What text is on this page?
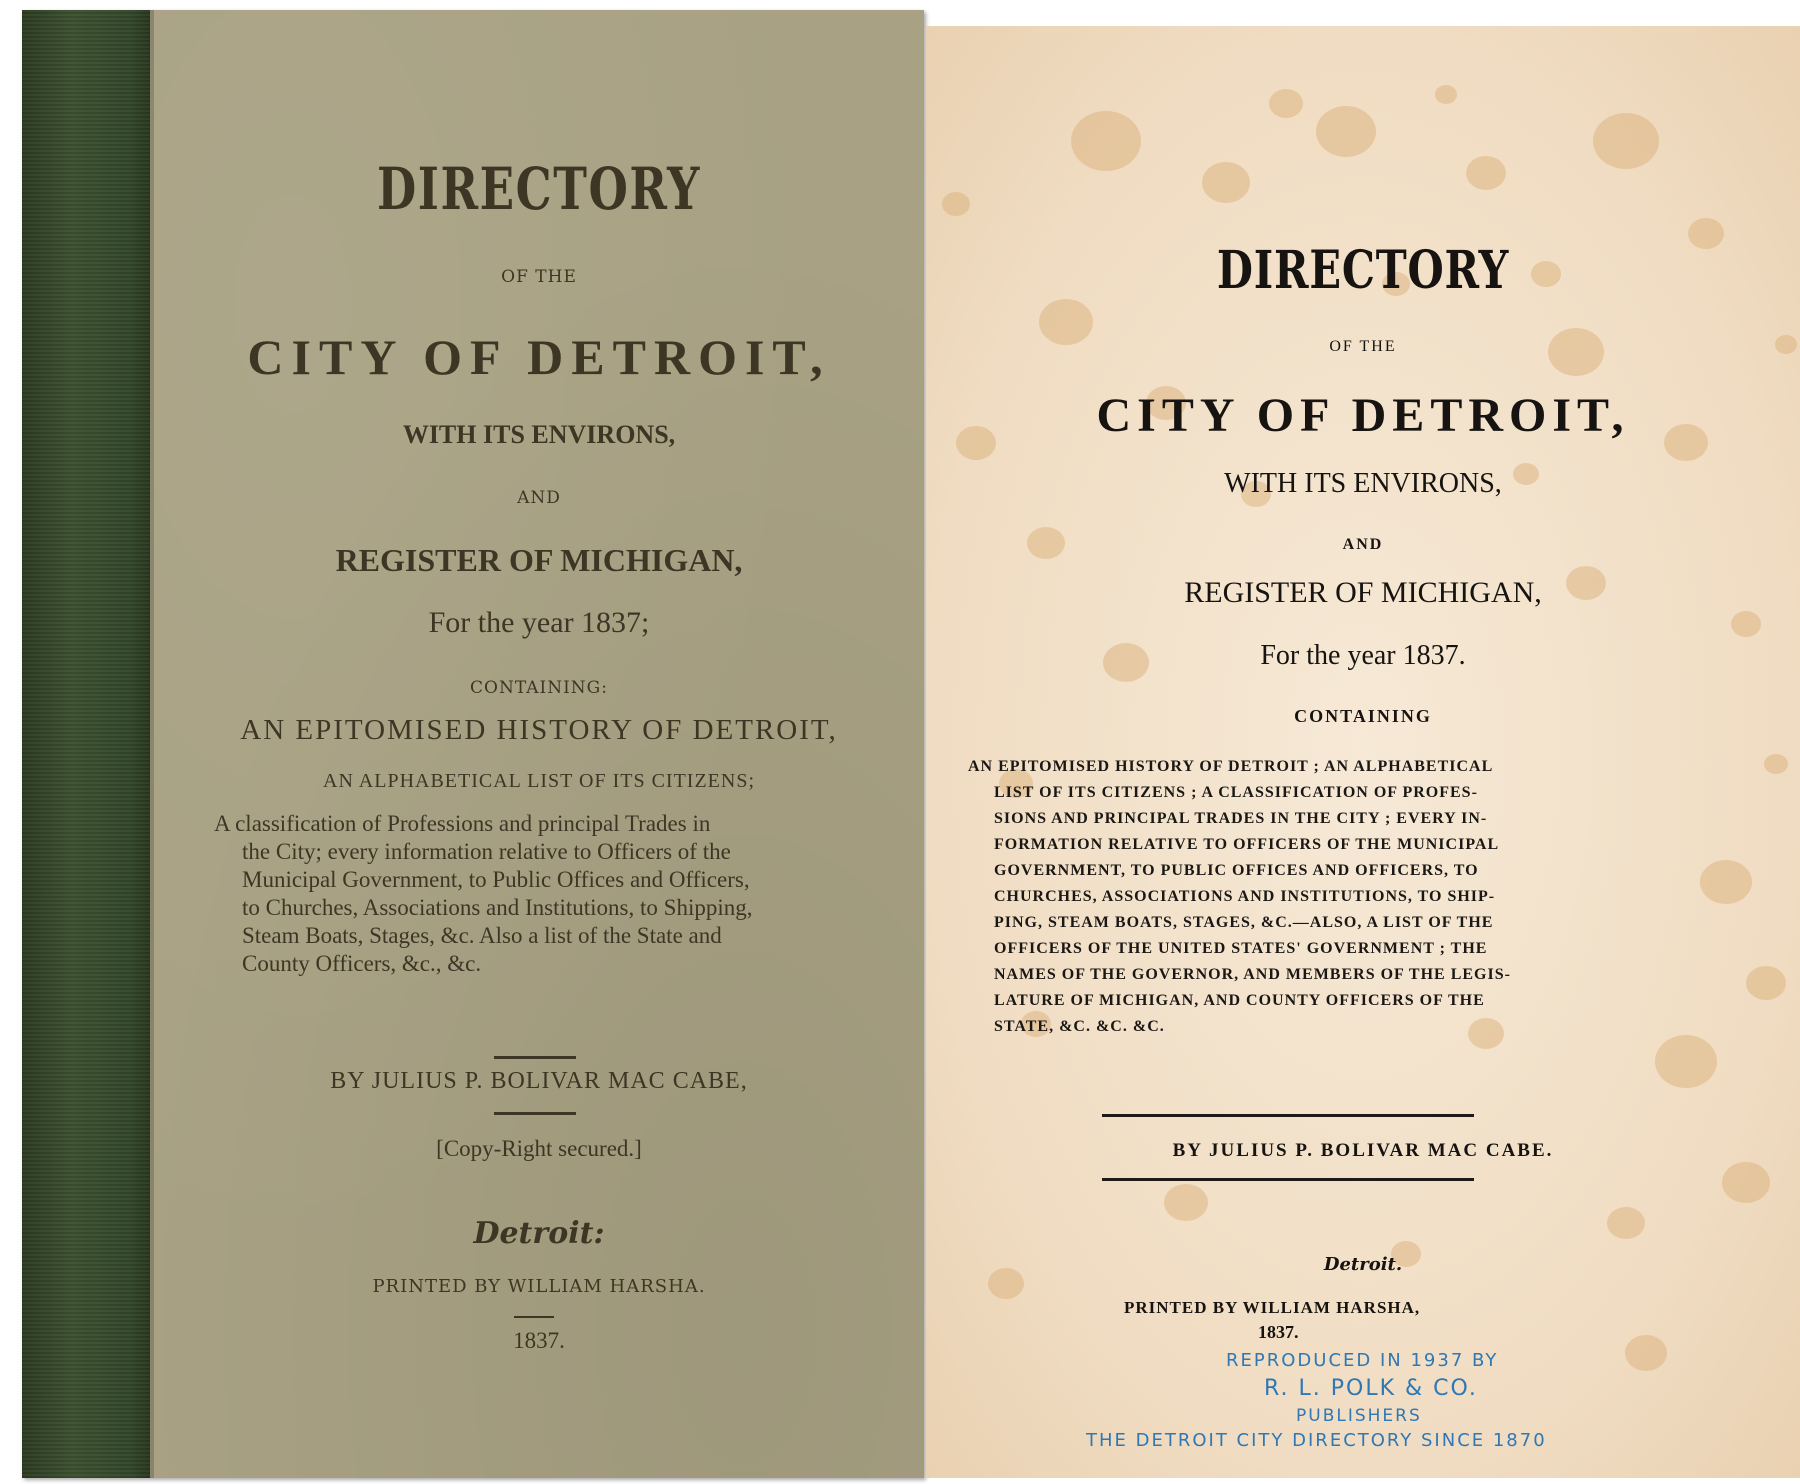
DIRECTORY
OF THE
CITY OF DETROIT,
WITH ITS ENVIRONS,
AND
REGISTER OF MICHIGAN,
For the year 1837;
CONTAINING:
AN EPITOMISED HISTORY OF DETROIT,
AN ALPHABETICAL LIST OF ITS CITIZENS;
A classification of Professions and principal Trades in
the City; every information relative to Officers of the
Municipal Government, to Public Offices and Officers,
to Churches, Associations and Institutions, to Shipping,
Steam Boats, Stages, &c. Also a list of the State and
County Officers, &c., &c.
BY JULIUS P. BOLIVAR MAC CABE,
[Copy-Right secured.]
Detroit:
PRINTED BY WILLIAM HARSHA.
1837.
DIRECTORY
OF THE
CITY OF DETROIT,
WITH ITS ENVIRONS,
AND
REGISTER OF MICHIGAN,
For the year 1837.
CONTAINING
AN EPITOMISED HISTORY OF DETROIT ; AN ALPHABETICAL
LIST OF ITS CITIZENS ; A CLASSIFICATION OF PROFES-
SIONS AND PRINCIPAL TRADES IN THE CITY ; EVERY IN-
FORMATION RELATIVE TO OFFICERS OF THE MUNICIPAL
GOVERNMENT, TO PUBLIC OFFICES AND OFFICERS, TO
CHURCHES, ASSOCIATIONS AND INSTITUTIONS, TO SHIP-
PING, STEAM BOATS, STAGES, &C.—ALSO, A LIST OF THE
OFFICERS OF THE UNITED STATES' GOVERNMENT ; THE
NAMES OF THE GOVERNOR, AND MEMBERS OF THE LEGIS-
LATURE OF MICHIGAN, AND COUNTY OFFICERS OF THE
STATE, &C. &C. &C.
BY JULIUS P. BOLIVAR MAC CABE.
Detroit.
PRINTED BY WILLIAM HARSHA,
1837.
REPRODUCED IN 1937 BY
R. L. POLK & CO.
PUBLISHERS
THE DETROIT CITY DIRECTORY SINCE 1870
